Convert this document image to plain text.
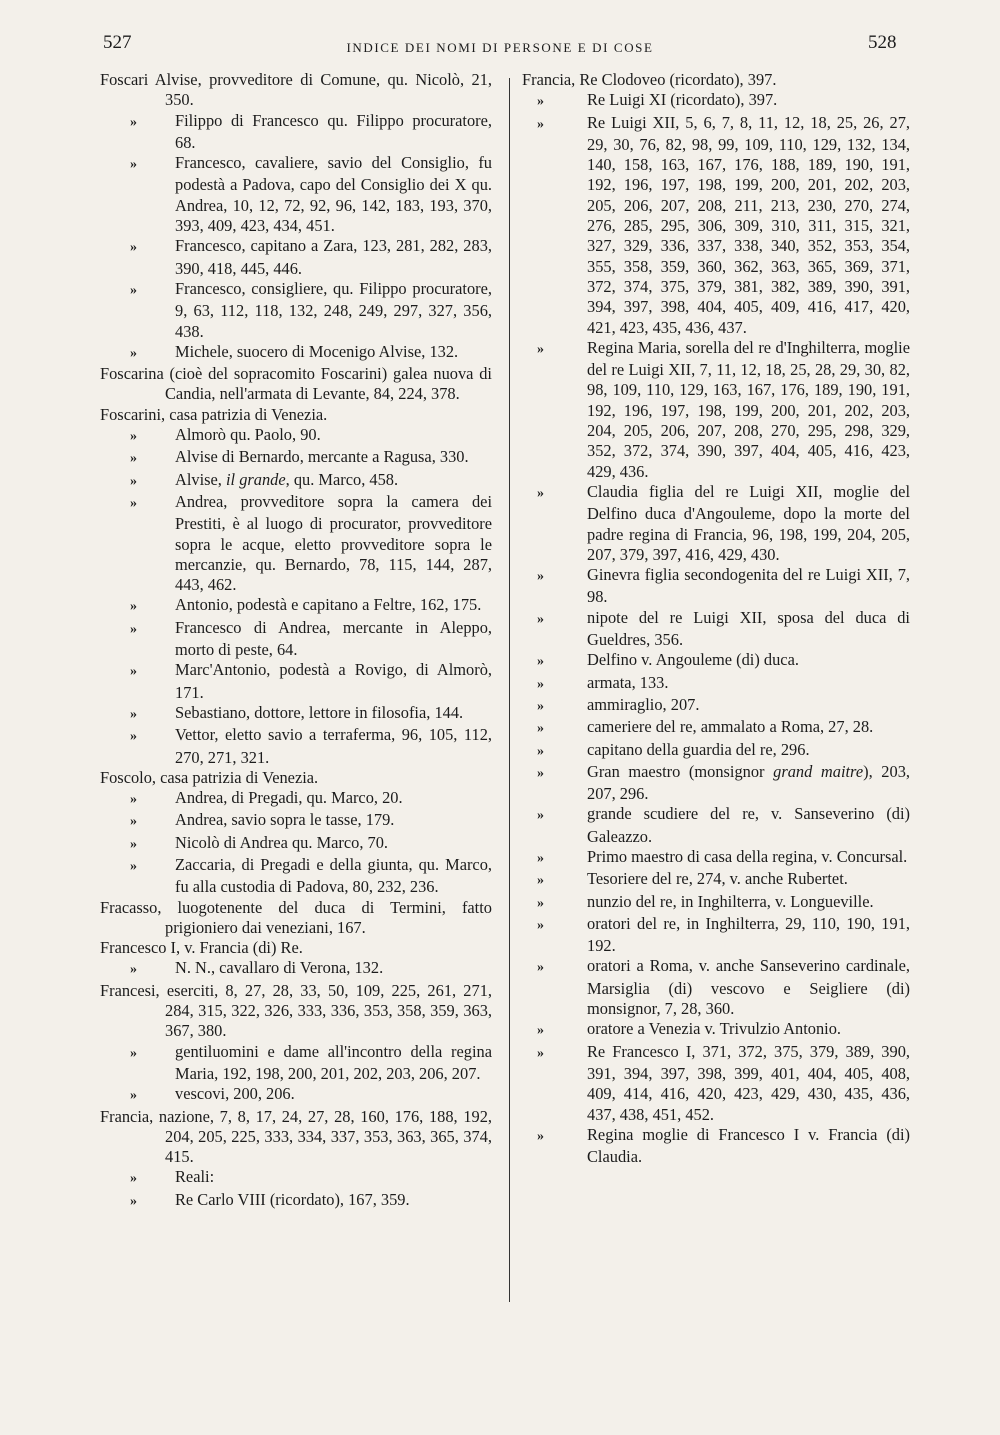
527	INDICE DEI NOMI DI PERSONE E DI COSE	528
Foscari Alvise, provveditore di Comune, qu. Nicolò, 21, 350.
» Filippo di Francesco qu. Filippo procuratore, 68.
» Francesco, cavaliere, savio del Consiglio, fu podestà a Padova, capo del Consiglio dei X qu. Andrea, 10, 12, 72, 92, 96, 142, 183, 193, 370, 393, 409, 423, 434, 451.
» Francesco, capitano a Zara, 123, 281, 282, 283, 390, 418, 445, 446.
» Francesco, consigliere, qu. Filippo procuratore, 9, 63, 112, 118, 132, 248, 249, 297, 327, 356, 438.
» Michele, suocero di Mocenigo Alvise, 132.
Foscarina (cioè del sopracomito Foscarini) galea nuova di Candia, nell'armata di Levante, 84, 224, 378.
Foscarini, casa patrizia di Venezia.
» Almorò qu. Paolo, 90.
» Alvise di Bernardo, mercante a Ragusa, 330.
» Alvise, il grande, qu. Marco, 458.
» Andrea, provveditore sopra la camera dei Prestiti, è al luogo di procurator, provveditore sopra le acque, eletto provveditore sopra le mercanzie, qu. Bernardo, 78, 115, 144, 287, 443, 462.
» Antonio, podestà e capitano a Feltre, 162, 175.
» Francesco di Andrea, mercante in Aleppo, morto di peste, 64.
» Marc'Antonio, podestà a Rovigo, di Almorò, 171.
» Sebastiano, dottore, lettore in filosofia, 144.
» Vettor, eletto savio a terraferma, 96, 105, 112, 270, 271, 321.
Foscolo, casa patrizia di Venezia.
» Andrea, di Pregadi, qu. Marco, 20.
» Andrea, savio sopra le tasse, 179.
» Nicolò di Andrea qu. Marco, 70.
» Zaccaria, di Pregadi e della giunta, qu. Marco, fu alla custodia di Padova, 80, 232, 236.
Fracasso, luogotenente del duca di Termini, fatto prigioniero dai veneziani, 167.
Francesco I, v. Francia (di) Re.
» N. N., cavallaro di Verona, 132.
Francesi, eserciti, 8, 27, 28, 33, 50, 109, 225, 261, 271, 284, 315, 322, 326, 333, 336, 353, 358, 359, 363, 367, 380.
» gentiluomini e dame all'incontro della regina Maria, 192, 198, 200, 201, 202, 203, 206, 207.
» vescovi, 200, 206.
Francia, nazione, 7, 8, 17, 24, 27, 28, 160, 176, 188, 192, 204, 205, 225, 333, 334, 337, 353, 363, 365, 374, 415.
» Reali:
» Re Carlo VIII (ricordato), 167, 359.
Francia, Re Clodoveo (ricordato), 397.
»	Re Luigi XI (ricordato), 397.
»	Re Luigi XII, 5, 6, 7, 8, 11, 12, 18, 25, 26, 27, 29, 30, 76, 82, 98, 99, 109, 110, 129, 132, 134, 140, 158, 163, 167, 176, 188, 189, 190, 191, 192, 196, 197, 198, 199, 200, 201, 202, 203, 205, 206, 207, 208, 211, 213, 230, 270, 274, 276, 285, 295, 306, 309, 310, 311, 315, 321, 327, 329, 336, 337, 338, 340, 352, 353, 354, 355, 358, 359, 360, 362, 363, 365, 369, 371, 372, 374, 375, 379, 381, 382, 389, 390, 391, 394, 397, 398, 404, 405, 409, 416, 417, 420, 421, 423, 435, 436, 437.
»	Regina Maria, sorella del re d'Inghilterra, moglie del re Luigi XII, 7, 11, 12, 18, 25, 28, 29, 30, 82, 98, 109, 110, 129, 163, 167, 176, 189, 190, 191, 192, 196, 197, 198, 199, 200, 201, 202, 203, 204, 205, 206, 207, 208, 270, 295, 298, 329, 352, 372, 374, 390, 397, 404, 405, 416, 423, 429, 436.
»	Claudia figlia del re Luigi XII, moglie del Delfino duca d'Angouleme, dopo la morte del padre regina di Francia, 96, 198, 199, 204, 205, 207, 379, 397, 416, 429, 430.
»	Ginevra figlia secondogenita del re Luigi XII, 7, 98.
»	nipote del re Luigi XII, sposa del duca di Gueldres, 356.
»	Delfino v. Angouleme (di) duca.
»	armata, 133.
»	ammiraglio, 207.
»	cameriere del re, ammalato a Roma, 27, 28.
»	capitano della guardia del re, 296.
»	Gran maestro (monsignor grand maitre), 203, 207, 296.
»	grande scudiere del re, v. Sanseverino (di) Galeazzo.
»	Primo maestro di casa della regina, v. Concursal.
»	Tesoriere del re, 274, v. anche Rubertet.
»	nunzio del re, in Inghilterra, v. Longueville.
»	oratori del re, in Inghilterra, 29, 110, 190, 191, 192.
»	oratori a Roma, v. anche Sanseverino cardinale, Marsiglia (di) vescovo e Seigliere (di) monsignor, 7, 28, 360.
»	oratore a Venezia v. Trivulzio Antonio.
»	Re Francesco I, 371, 372, 375, 379, 389, 390, 391, 394, 397, 398, 399, 401, 404, 405, 408, 409, 414, 416, 420, 423, 429, 430, 435, 436, 437, 438, 451, 452.
»	Regina moglie di Francesco I v. Francia (di) Claudia.
